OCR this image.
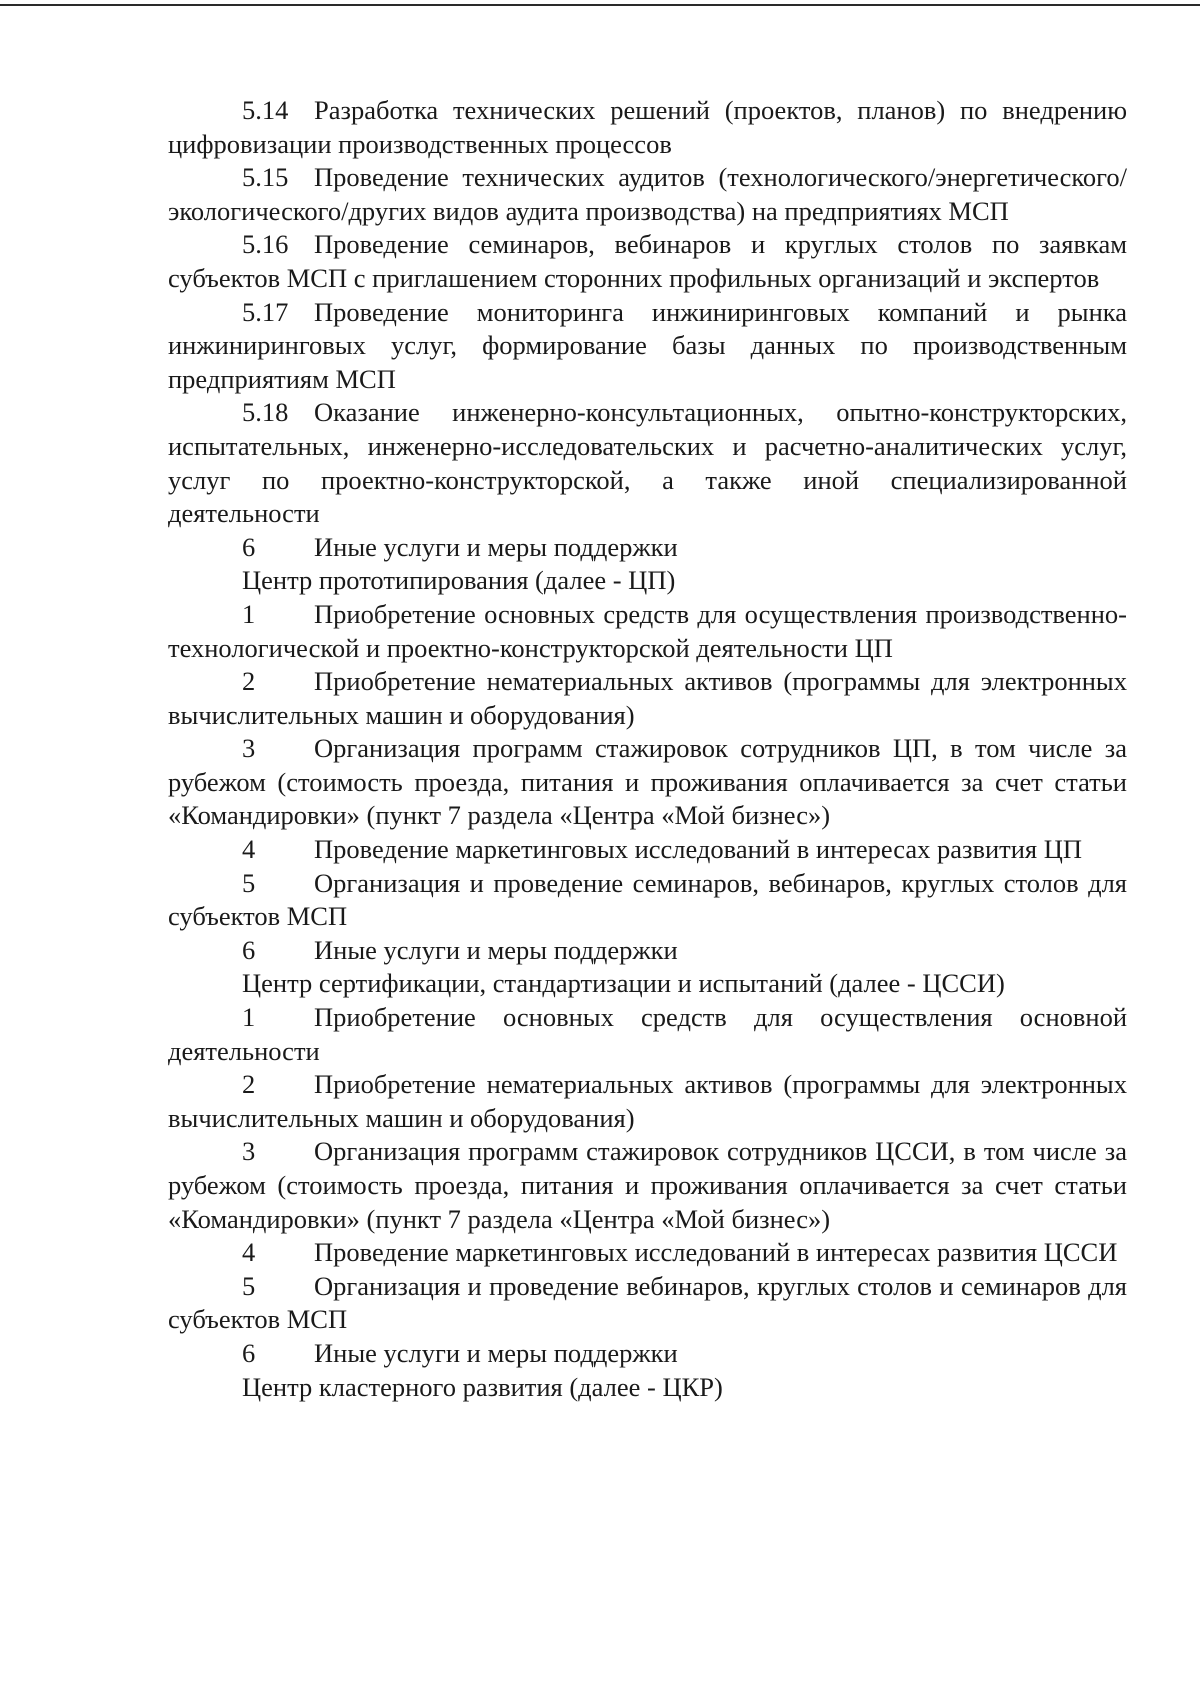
5.14 Разработка технических решений (проектов, планов) по внедрению цифровизации производственных процессов

5.15 Проведение технических аудитов (технологического/энергетического/экологического/других видов аудита производства) на предприятиях МСП

5.16 Проведение семинаров, вебинаров и круглых столов по заявкам субъектов МСП с приглашением сторонних профильных организаций и экспертов

5.17 Проведение мониторинга инжиниринговых компаний и рынка инжиниринговых услуг, формирование базы данных по производственным предприятиям МСП

5.18 Оказание инженерно-консультационных, опытно-конструкторских, испытательных, инженерно-исследовательских и расчетно-аналитических услуг, услуг по проектно-конструкторской, а также иной специализированной деятельности

6 Иные услуги и меры поддержки

Центр прототипирования (далее - ЦП)

1 Приобретение основных средств для осуществления производственно-технологической и проектно-конструкторской деятельности ЦП

2 Приобретение нематериальных активов (программы для электронных вычислительных машин и оборудования)

3 Организация программ стажировок сотрудников ЦП, в том числе за рубежом (стоимость проезда, питания и проживания оплачивается за счет статьи «Командировки» (пункт 7 раздела «Центра «Мой бизнес»)

4 Проведение маркетинговых исследований в интересах развития ЦП

5 Организация и проведение семинаров, вебинаров, круглых столов для субъектов МСП

6 Иные услуги и меры поддержки

Центр сертификации, стандартизации и испытаний (далее - ЦССИ)

1 Приобретение основных средств для осуществления основной деятельности

2 Приобретение нематериальных активов (программы для электронных вычислительных машин и оборудования)

3 Организация программ стажировок сотрудников ЦССИ, в том числе за рубежом (стоимость проезда, питания и проживания оплачивается за счет статьи «Командировки» (пункт 7 раздела «Центра «Мой бизнес»)

4 Проведение маркетинговых исследований в интересах развития ЦССИ

5 Организация и проведение вебинаров, круглых столов и семинаров для субъектов МСП

6 Иные услуги и меры поддержки

Центр кластерного развития (далее - ЦКР)
